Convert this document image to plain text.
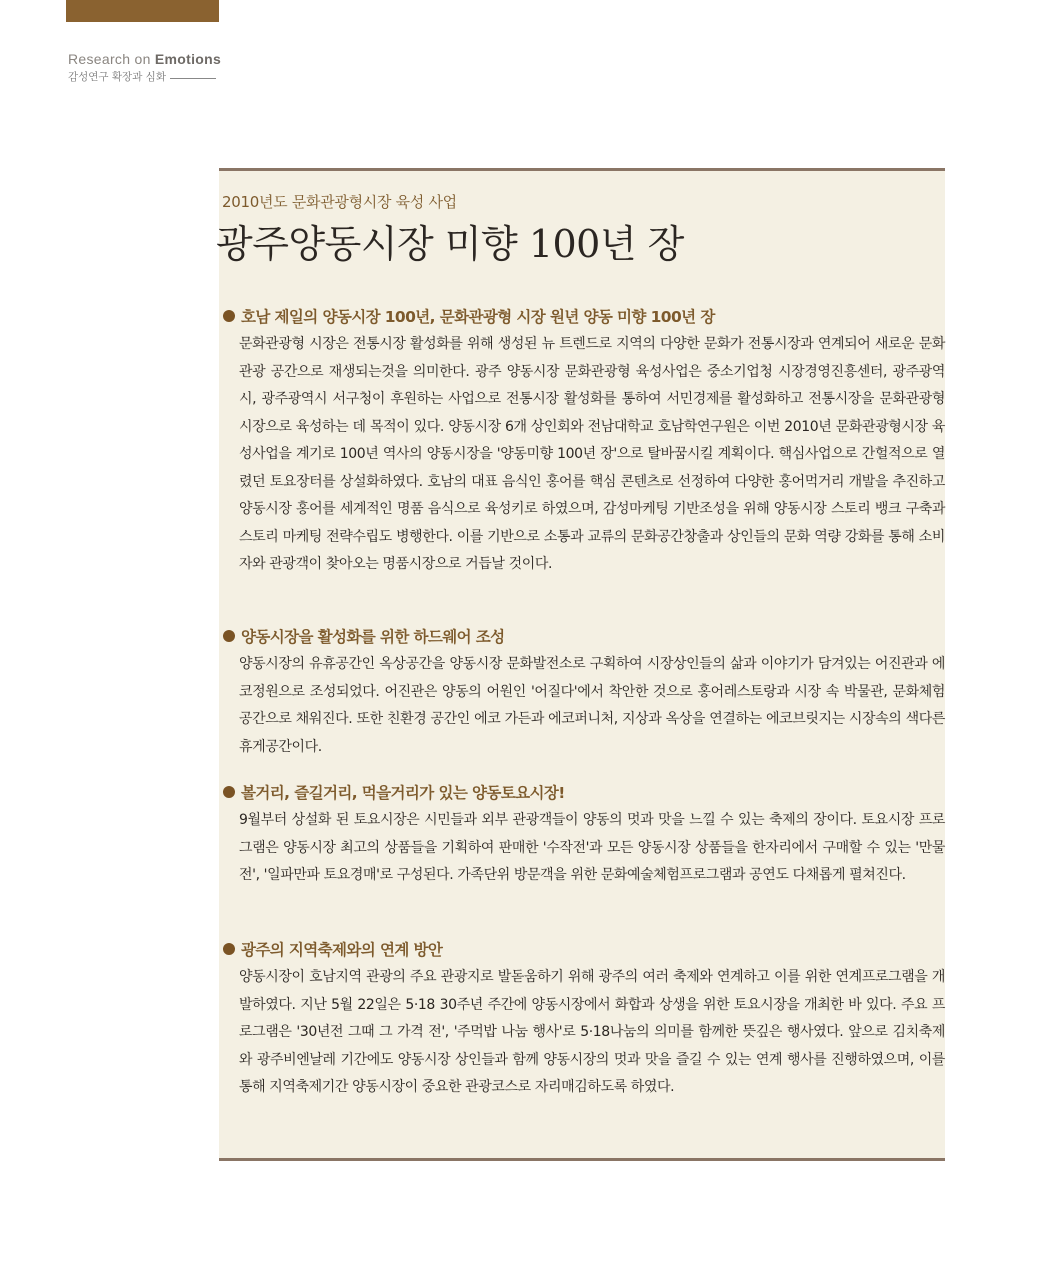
Research on Emotions
감성연구 확장과 심화
2010년도 문화관광형시장 육성 사업
광주양동시장 미향 100년 장
호남 제일의 양동시장 100년, 문화관광형 시장 원년 양동 미향 100년 장

문화관광형 시장은 전통시장 활성화를 위해 생성된 뉴 트렌드로 지역의 다양한 문화가 전통시장과 연계되어 새로운 문화관광 공간으로 재생되는것을 의미한다. 광주 양동시장 문화관광형 육성사업은 중소기업청 시장경영진흥센터, 광주광역시, 광주광역시 서구청이 후원하는 사업으로 전통시장 활성화를 통하여 서민경제를 활성화하고 전통시장을 문화관광형 시장으로 육성하는 데 목적이 있다. 양동시장 6개 상인회와 전남대학교 호남학연구원은 이번 2010년 문화관광형시장 육성사업을 계기로 100년 역사의 양동시장을 '양동미향 100년 장'으로 탈바꿈시킬 계획이다. 핵심사업으로 간헐적으로 열렸던 토요장터를 상설화하였다. 호남의 대표 음식인 홍어를 핵심 콘텐츠로 선정하여 다양한 홍어먹거리 개발을 추진하고 양동시장 홍어를 세계적인 명품 음식으로 육성키로 하였으며, 감성마케팅 기반조성을 위해 양동시장 스토리 뱅크 구축과 스토리 마케팅 전략수립도 병행한다. 이를 기반으로 소통과 교류의 문화공간창출과 상인들의 문화 역량 강화를 통해 소비자와 관광객이 찾아오는 명품시장으로 거듭날 것이다.

양동시장을 활성화를 위한 하드웨어 조성

양동시장의 유휴공간인 옥상공간을 양동시장 문화발전소로 구획하여 시장상인들의 삶과 이야기가 담겨있는 어진관과 에코정원으로 조성되었다. 어진관은 양동의 어원인 '어질다'에서 착안한 것으로 홍어레스토랑과 시장 속 박물관, 문화체험공간으로 채워진다. 또한 친환경 공간인 에코 가든과 에코퍼니처, 지상과 옥상을 연결하는 에코브릿지는 시장속의 색다른 휴게공간이다.

볼거리, 즐길거리, 먹을거리가 있는 양동토요시장!

9월부터 상설화 된 토요시장은 시민들과 외부 관광객들이 양동의 멋과 맛을 느낄 수 있는 축제의 장이다. 토요시장 프로그램은 양동시장 최고의 상품들을 기획하여 판매한 '수작전'과 모든 양동시장 상품들을 한자리에서 구매할 수 있는 '만물전', '일파만파 토요경매'로 구성된다. 가족단위 방문객을 위한 문화예술체험프로그램과 공연도 다채롭게 펼쳐진다.

광주의 지역축제와의 연계 방안

양동시장이 호남지역 관광의 주요 관광지로 발돋움하기 위해 광주의 여러 축제와 연계하고 이를 위한 연계프로그램을 개발하였다. 지난 5월 22일은 5·18 30주년 주간에 양동시장에서 화합과 상생을 위한 토요시장을 개최한 바 있다. 주요 프로그램은 '30년전 그때 그 가격 전', '주먹밥 나눔 행사'로 5·18나눔의 의미를 함께한 뜻깊은 행사였다. 앞으로 김치축제와 광주비엔날레 기간에도 양동시장 상인들과 함께 양동시장의 멋과 맛을 즐길 수 있는 연계 행사를 진행하였으며, 이를 통해 지역축제기간 양동시장이 중요한 관광코스로 자리매김하도록 하였다.
